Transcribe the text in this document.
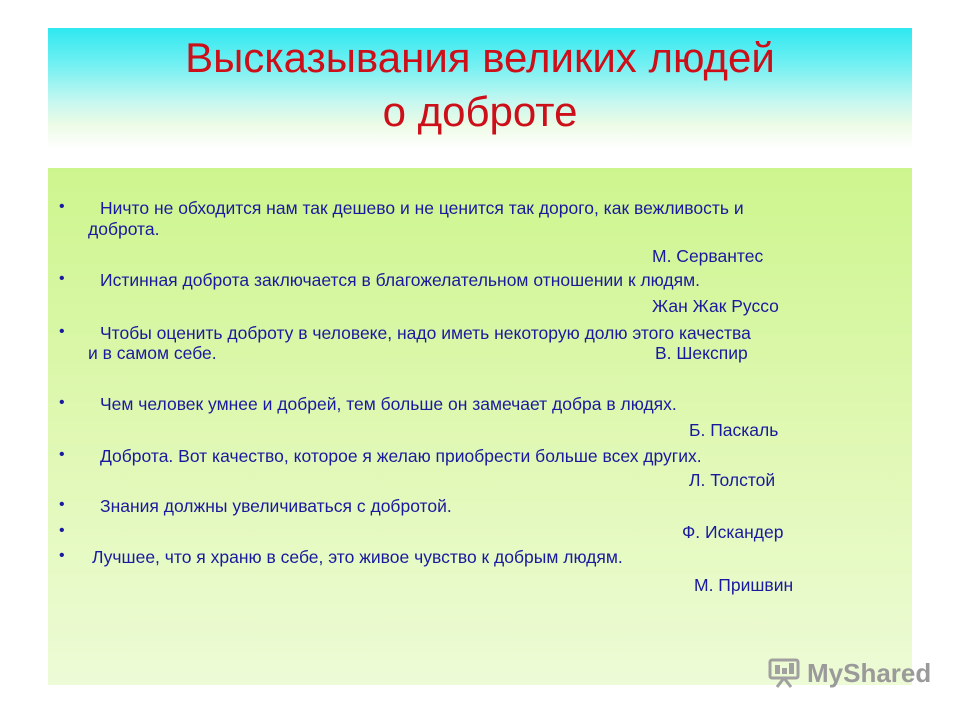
Высказывания великих людей
о доброте
• Ничто не обходится нам так дешево и не ценится так дорого, как вежливость и
доброта.
М. Сервантес
• Истинная доброта заключается в благожелательном отношении к людям.
Жан Жак Руссо
• Чтобы оценить доброту в человеке, надо иметь некоторую долю этого качества
и в самом себе.	В. Шекспир
• Чем человек умнее и добрей, тем больше он замечает добра в людях.
Б. Паскаль
• Доброта. Вот качество, которое я желаю приобрести больше всех других.
Л. Толстой
• Знания должны увеличиваться с добротой.
•	Ф. Искандер
• Лучшее, что я храню в себе, это живое чувство к добрым людям.
М. Пришвин
MyShared
